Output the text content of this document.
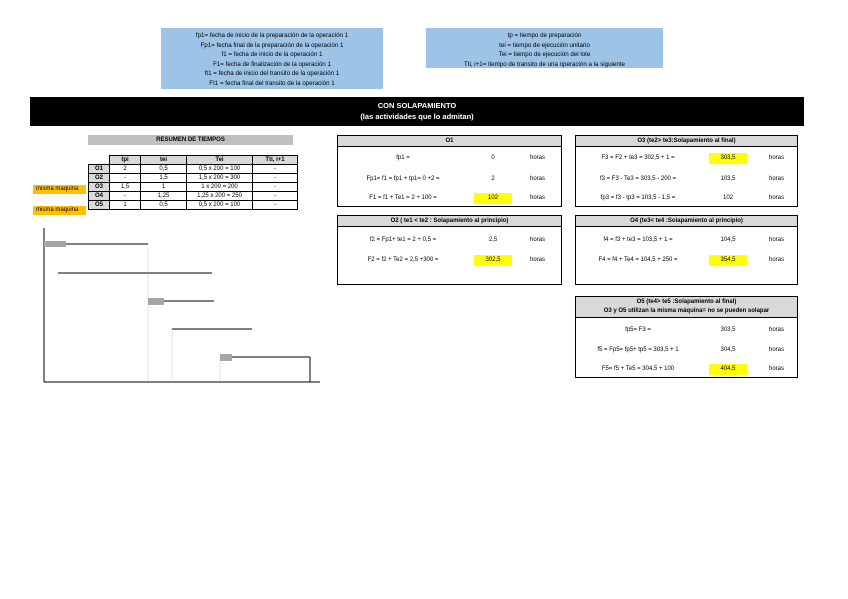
fp1= fecha de inicio de la preparación de la operación 1
Fp1= fecha final de la preparación de la operación 1
f1 = fecha de inicio de la operación 1
F1= fecha de finalización de la operación 1
ft1 = fecha de inicio del transito de la operación 1
Ft1 = fecha final del transito de la operación 1
tp = tiempo de preparación
tei = tiempo de ejecución unitario
Tei = tiempo de ejecución del lote
Tti, i+1= tiempo de transito de una operación a la siguiente
CON SOLAPAMIENTO
(las actividades que lo admitan)
RESUMEN DE TIEMPOS
	tpi	tei	Tei	Tti, i+1
O1	2	0,5	0,5 x 200 = 100	-
O2	-	1,5	1,5 x 200 = 300	-
O3	1,5	1	1 x 200 = 200	-
O4	-	1,25	1,25 x 200 = 250	-
O5	1	0,5	0,5 x 200 = 100	-
misma maquina
misma maquina
O1
fp1 =	0	horas
Fp1= f1 = fp1 + tp1= 0 +2 =	2	horas
F1 = f1 + Te1 = 2 + 100 =	102	horas
O2 ( te1 < te2 : Solapamiento al principio)
f2 = Fp1+ te1 = 2 + 0,5 =	2,5	horas
F2 = f2 + Te2 = 2,5 +300 =	302,5	horas
O3 (te2> te3:Solapamiento al final)
F3 = F2 + te3 = 302,5 + 1 =	303,5	horas
f3 = F3 - Te3 = 303,5 - 200 =	103,5	horas
fp3 = f3 - tp3 = 103,5 - 1,5 =	102	horas
O4 (te3< te4 :Solapamiento al principio)
f4 = f3 + te3 = 103,5 + 1 =	104,5	horas
F4 = f4 + Te4 = 104,5 + 250 =	354,5	horas
O5 (te4> te5 :Solapamiento al final)
O3 y O5 utilizan la misma máquina= no se pueden solapar
fp5= F3 =	303,5	horas
f5 = Fp5= fp5+ tp5 = 303,5 + 1	304,5	horas
F5= f5 + Te5 = 304,5 + 100	404,5	horas
